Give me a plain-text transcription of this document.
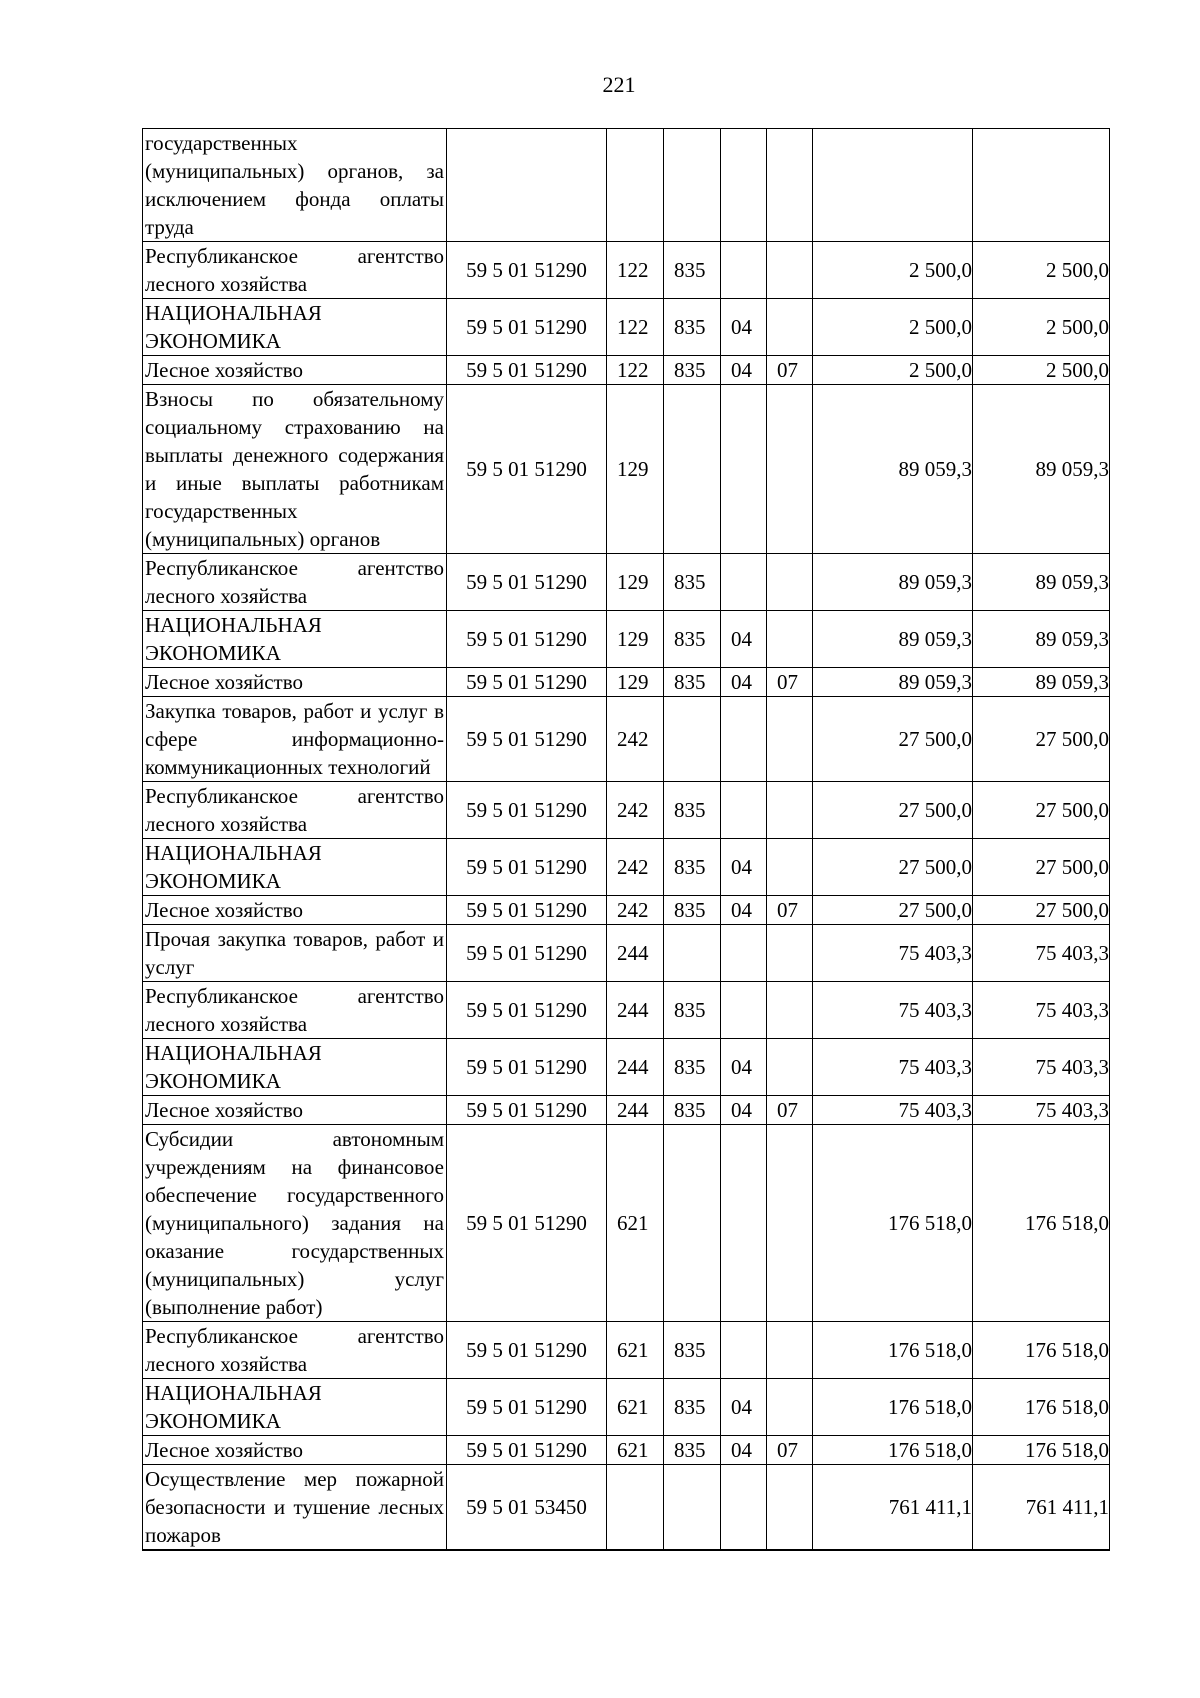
221
государственных (муниципальных) органов, за исключением фонда оплаты труда							
Республиканское агентство лесного хозяйства	59 5 01 51290	122	835			2 500,0	2 500,0
НАЦИОНАЛЬНАЯ ЭКОНОМИКА	59 5 01 51290	122	835	04		2 500,0	2 500,0
Лесное хозяйство	59 5 01 51290	122	835	04	07	2 500,0	2 500,0
Взносы по обязательному социальному страхованию на выплаты денежного содержания и иные выплаты работникам государственных (муниципальных) органов	59 5 01 51290	129				89 059,3	89 059,3
Республиканское агентство лесного хозяйства	59 5 01 51290	129	835			89 059,3	89 059,3
НАЦИОНАЛЬНАЯ ЭКОНОМИКА	59 5 01 51290	129	835	04		89 059,3	89 059,3
Лесное хозяйство	59 5 01 51290	129	835	04	07	89 059,3	89 059,3
Закупка товаров, работ и услуг в сфере информационно-коммуникационных технологий	59 5 01 51290	242				27 500,0	27 500,0
Республиканское агентство лесного хозяйства	59 5 01 51290	242	835			27 500,0	27 500,0
НАЦИОНАЛЬНАЯ ЭКОНОМИКА	59 5 01 51290	242	835	04		27 500,0	27 500,0
Лесное хозяйство	59 5 01 51290	242	835	04	07	27 500,0	27 500,0
Прочая закупка товаров, работ и услуг	59 5 01 51290	244				75 403,3	75 403,3
Республиканское агентство лесного хозяйства	59 5 01 51290	244	835			75 403,3	75 403,3
НАЦИОНАЛЬНАЯ ЭКОНОМИКА	59 5 01 51290	244	835	04		75 403,3	75 403,3
Лесное хозяйство	59 5 01 51290	244	835	04	07	75 403,3	75 403,3
Субсидии автономным учреждениям на финансовое обеспечение государственного (муниципального) задания на оказание государственных (муниципальных) услуг (выполнение работ)	59 5 01 51290	621				176 518,0	176 518,0
Республиканское агентство лесного хозяйства	59 5 01 51290	621	835			176 518,0	176 518,0
НАЦИОНАЛЬНАЯ ЭКОНОМИКА	59 5 01 51290	621	835	04		176 518,0	176 518,0
Лесное хозяйство	59 5 01 51290	621	835	04	07	176 518,0	176 518,0
Осуществление мер пожарной безопасности и тушение лесных пожаров	59 5 01 53450					761 411,1	761 411,1
